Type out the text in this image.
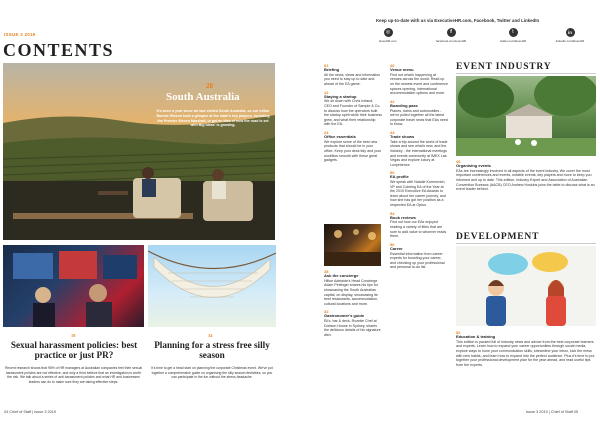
ISSUE 3 2019
CONTENTS
28
South Australia
It's been a year since we last visited South Australia, so our editor Bonnie Gibson took a glimpse at the state's key players, including the Premier Steven Marshall, to get an idea of how the road is set with Big Ideas' is growing.
18
Sexual harassment policies: best practice or just PR?
Recent research shows that 95% of HR managers at Australian companies feel their sexual harassment policies are not effective, and only a third believe that an investigation is worth the risk. We talk about a series of anti-harassment policies and what HR and businesses leaders can do to make sure they are taking effective steps.
34
Planning for a stress free silly season
It's time to get a head start on planning the corporate Christmas event. We've put together a comprehensive guide on organising the silly season festivities, so you can participate in the fun without the stress-headache.
04 Chief of Staff | Issue 3 2019
Keep up-to-date with us via ExecutiveHR.com, Facebook, Twitter and LinkedIn
◎
ExecHR.com
f
facebook.com/execHR
t
twitter.com/ExecHR
in
linkedin.com/ExecHR
02
Briefing
All the news, views and information you need to stay up to date and ahead of the EA game.
12
Staying a startup
We sit down with Chris Ireland, CEO and Founder of Sample & Co, to discuss how the operators built the startup spirit while their business grew, and what their relationship with the EA.
24
Office essentials
We explore some of the best new products that should be in your office. Keep your desk tidy and your workflow smooth with these great gadgets.
28
Ask the concierge
Hilton Adelaide's Head Concierge Adam Pettinger shares his tips for showcasing the South Australian capital, on display, showcasing its best restaurants, accommodation, cultural locations and more.
32
Gastronomer's guide
Eli's, bar & deck, Rozette Chef at Dobson House in Sydney, shares the delicious details of his signature dish.
40
Venue menu
Find out what's happening at venues across the world. Read up on the newest event and conference spaces opening, international accommodation options and more.
42
Boarding pass
Planes, trains and automobiles - we've pulled together all the latest corporate travel news that EAs need to know.
44
Trade shows
Take a trip around the world of trade shows and see what's new, and the industry - the international meetings and events community at IMEX Las Vegas and explore luxury at Luxperience.
50
EA profile
We speak with Natalie Korenevich, VP and Cointing EA of the Year at the 2019 Executive EA Awards to learn about her career journey, and how she has got her position as a respected EA at Optus.
54
Book reviews
Find out how our EAs enjoyed reading a variety of titles that are sure to add value to whoever reads them.
56
Career
Essential information from career experts for boosting your career, and checking up your professional and personal to-do list.
EVENT INDUSTRY
46
Organising events
EAs are increasingly involved in all aspects of the event industry. We cover the most important conferences and events, notable events, key players and more to keep you informed and up to date. This edition, Industry Expert and Association of Australian Convention Bureaux (AACB) CEO Andrew Hoskins joins the table to discuss what is an event leader behind.
DEVELOPMENT
52
Education & training
This edition is packed full of industry news and advice from the best corporate learners and experts. Learn how to expand your career opportunities through social media, explore ways to hone your communication skills, streamline your inbox, kick the mess with new habits, and learn how to expand into the perfect audience. Plus it's time to put together your professional development plan for the year ahead, and read useful tips from the experts.
Issue 3 2019 | Chief of Staff 05
